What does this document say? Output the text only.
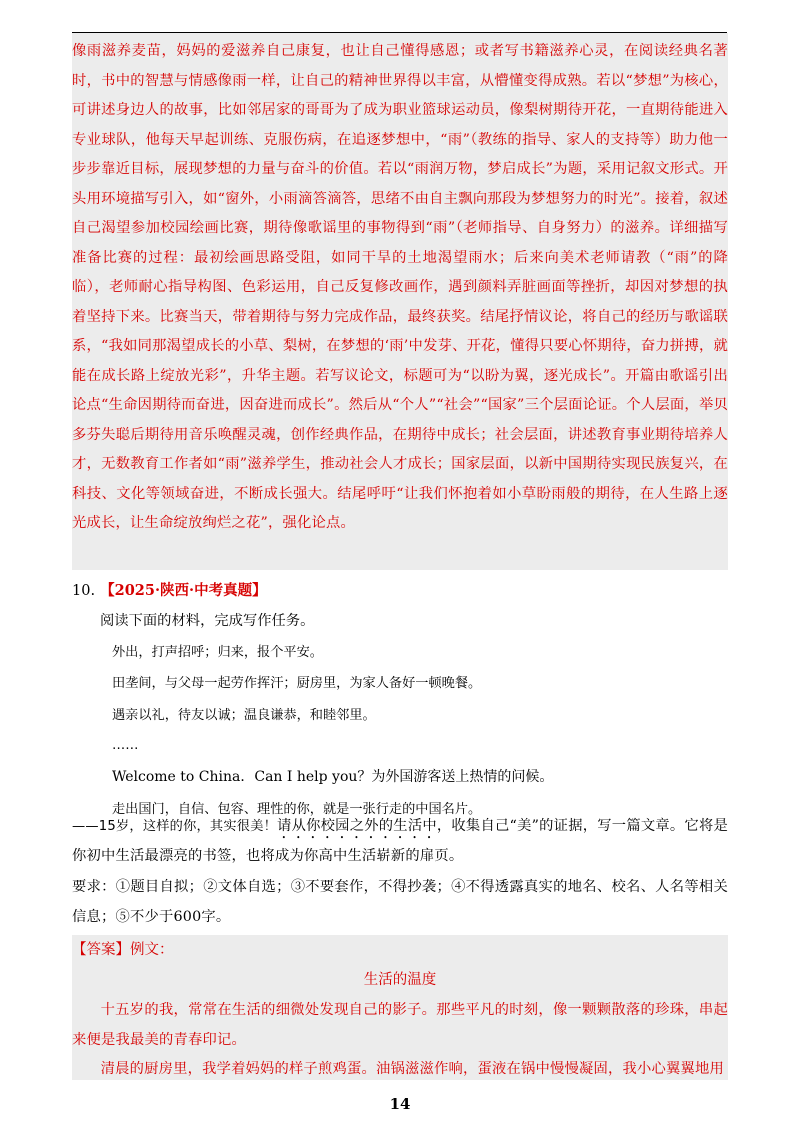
像雨滋养麦苗，妈妈的爱滋养自己康复，也让自己懂得感恩；或者写书籍滋养心灵，在阅读经典名著时，书中的智慧与情感像雨一样，让自己的精神世界得以丰富，从懵懂变得成熟。若以“梦想”为核心，可讲述身边人的故事，比如邻居家的哥哥为了成为职业篮球运动员，像梨树期待开花，一直期待能进入专业球队，他每天早起训练、克服伤病，在追逐梦想中，“雨”（教练的指导、家人的支持等）助力他一步步靠近目标，展现梦想的力量与奋斗的价值。若以“雨润万物，梦启成长”为题，采用记叙文形式。开头用环境描写引入，如“窗外，小雨滴答滴答，思绪不由自主飘向那段为梦想努力的时光”。接着，叙述自己渴望参加校园绘画比赛，期待像歌谣里的事物得到“雨”（老师指导、自身努力）的滋养。详细描写准备比赛的过程：最初绘画思路受阻，如同干旱的土地渴望雨水；后来向美术老师请教（“雨”的降临），老师耐心指导构图、色彩运用，自己反复修改画作，遇到颜料弄脏画面等挫折，却因对梦想的执着坚持下来。比赛当天，带着期待与努力完成作品，最终获奖。结尾抒情议论，将自己的经历与歌谣联系，“我如同那渴望成长的小草、梨树，在梦想的‘雨’中发芽、开花，懂得只要心怀期待，奋力拼搏，就能在成长路上绽放光彩”，升华主题。若写议论文，标题可为“以盼为翼，逐光成长”。开篇由歌谣引出论点“生命因期待而奋进，因奋进而成长”。然后从“个人”“社会”“国家”三个层面论证。个人层面，举贝多芬失聪后期待用音乐唤醒灵魂，创作经典作品，在期待中成长；社会层面，讲述教育事业期待培养人才，无数教育工作者如“雨”滋养学生，推动社会人才成长；国家层面，以新中国期待实现民族复兴，在科技、文化等领域奋进，不断成长强大。结尾呼吁“让我们怀抱着如小草盼雨般的期待，在人生路上逐光成长，让生命绽放绚烂之花”，强化论点。
10. 【2025·陕西·中考真题】
阅读下面的材料，完成写作任务。
外出，打声招呼；归来，报个平安。
田垄间，与父母一起劳作挥汗；厨房里，为家人备好一顿晚餐。
遇亲以礼，待友以诚；温良谦恭，和睦邻里。
……
Welcome to China．Can I help you？为外国游客送上热情的问候。
走出国门，自信、包容、理性的你，就是一张行走的中国名片。
——15岁，这样的你，其实很美！请从你校园之外的生活中，收集自己“美”的证据，写一篇文章。它将是你初中生活最漂亮的书签，也将成为你高中生活崭新的扉页。
要求：①题目自拟；②文体自选；③不要套作，不得抄袭；④不得透露真实的地名、校名、人名等相关信息；⑤不少于600字。
【答案】例文：
生活的温度
十五岁的我，常常在生活的细微处发现自己的影子。那些平凡的时刻，像一颗颗散落的珍珠，串起来便是我最美的青春印记。
清晨的厨房里，我学着妈妈的样子煎鸡蛋。油锅滋滋作响，蛋液在锅中慢慢凝固，我小心翼翼地用
14
